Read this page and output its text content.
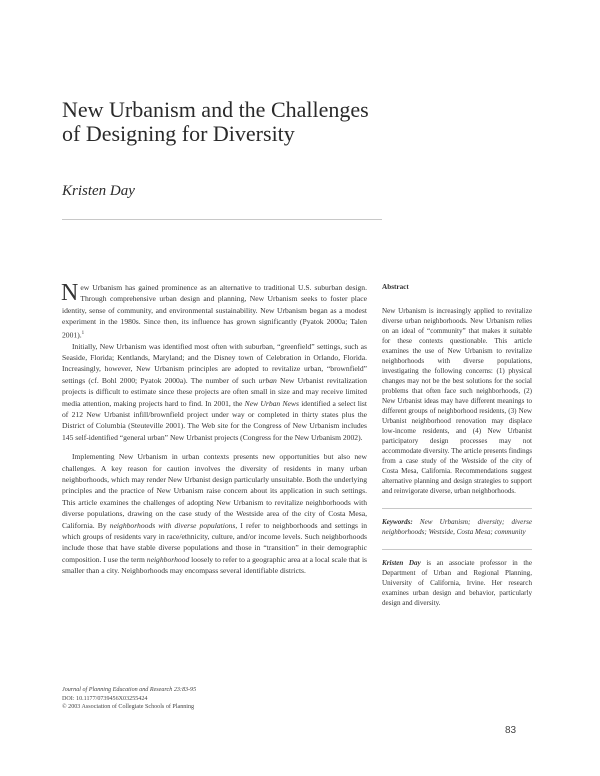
New Urbanism and the Challenges
of Designing for Diversity
Kristen Day

New Urbanism has gained prominence as an alternative to traditional U.S. suburban design. Through comprehensive urban design and planning, New Urbanism seeks to foster place identity, sense of community, and environmental sustainability. New Urbanism began as a modest experiment in the 1980s. Since then, its influence has grown significantly (Pyatok 2000a; Talen 2001).$^1$

Initially, New Urbanism was identified most often with suburban, “greenfield” settings, such as Seaside, Florida; Kentlands, Maryland; and the Disney town of Celebration in Orlando, Florida. Increasingly, however, New Urbanism principles are adopted to revitalize urban, “brownfield” settings (cf. Bohl 2000; Pyatok 2000a). The number of such urban New Urbanist revitalization projects is difficult to estimate since these projects are often small in size and may receive limited media attention, making projects hard to find. In 2001, the New Urban News identified a select list of 212 New Urbanist infill/brownfield project under way or completed in thirty states plus the District of Columbia (Steuteville 2001). The Web site for the Congress of New Urbanism includes 145 self-identified “general urban” New Urbanist projects (Congress for the New Urbanism 2002).

Implementing New Urbanism in urban contexts presents new opportunities but also new challenges. A key reason for caution involves the diversity of residents in many urban neighborhoods, which may render New Urbanist design particularly unsuitable. Both the underlying principles and the practice of New Urbanism raise concern about its application in such settings. This article examines the challenges of adopting New Urbanism to revitalize neighborhoods with diverse populations, drawing on the case study of the Westside area of the city of Costa Mesa, California. By neighborhoods with diverse populations, I refer to neighborhoods and settings in which groups of residents vary in race/ethnicity, culture, and/or income levels. Such neighborhoods include those that have stable diverse populations and those in “transition” in their demographic composition. I use the term neighborhood loosely to refer to a geographic area at a local scale that is smaller than a city. Neighborhoods may encompass several identifiable districts.

Journal of Planning Education and Research 23:83-95
DOI: 10.1177/0739456X03255424
© 2003 Association of Collegiate Schools of Planning
Abstract

New Urbanism is increasingly applied to revitalize diverse urban neighborhoods. New Urbanism relies on an ideal of “community” that makes it suitable for these contexts questionable. This article examines the use of New Urbanism to revitalize neighborhoods with diverse populations, investigating the following concerns: (1) physical changes may not be the best solutions for the social problems that often face such neighborhoods, (2) New Urbanist ideas may have different meanings to different groups of neighborhood residents, (3) New Urbanist neighborhood renovation may displace low-income residents, and (4) New Urbanist participatory design processes may not accommodate diversity. The article presents findings from a case study of the Westside of the city of Costa Mesa, California. Recommendations suggest alternative planning and design strategies to support and reinvigorate diverse, urban neighborhoods.

Keywords: New Urbanism; diversity; diverse neighborhoods; Westside, Costa Mesa; community

Kristen Day is an associate professor in the Department of Urban and Regional Planning, University of California, Irvine. Her research examines urban design and behavior, particularly design and diversity.

83
